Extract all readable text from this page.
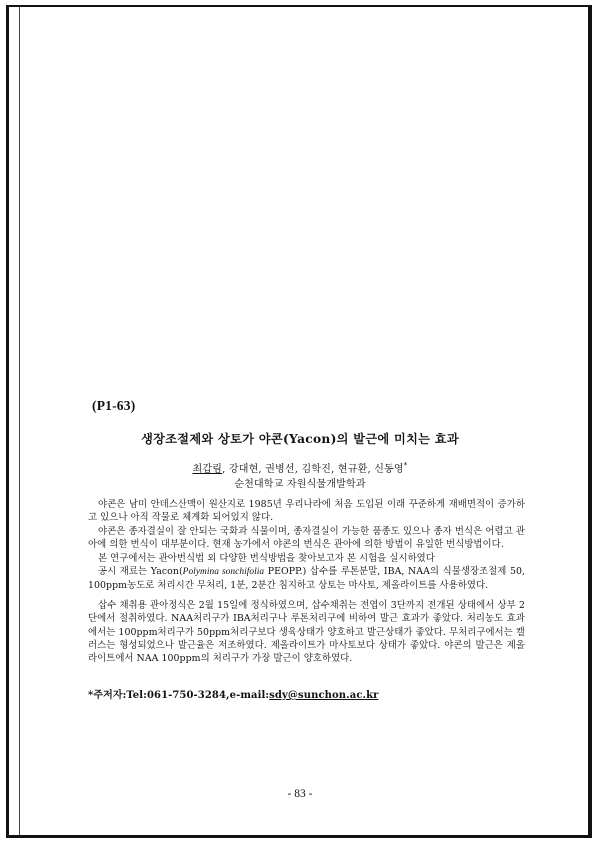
(P1-63)
생장조절제와 상토가 야콘(Yacon)의 발근에 미치는 효과
최갑림, 강대현, 권병선, 김학진, 현규환, 신동영*
순천대학교 자원식물개발학과

야콘은 남미 안데스산맥이 원산지로 1985년 우리나라에 처음 도입된 이래 꾸준하게 재배면적이 증가하고 있으나 아직 작물로 체계화 되어있지 않다.

야콘은 종자결실이 잘 안되는 국화과 식물이며, 종자결실이 가능한 품종도 있으나 종자 번식은 어렵고 관아에 의한 번식이 대부분이다. 현재 농가에서 야콘의 번식은 관아에 의한 방법이 유일한 번식방법이다.

본 연구에서는 관아번식법 외 다양한 번식방법을 찾아보고자 본 시험을 실시하였다

공시 재료는 Yacon(Polymina sonchifolia PEOPP.) 삽수를 루톤분말, IBA, NAA의 식물생장조절제 50, 100ppm농도로 처리시간 무처리, 1분, 2분간 침지하고 상토는 마사토, 제올라이트를 사용하였다.

삽수 채취용 관아정식은 2월 15일에 정식하였으며, 삽수채취는 전엽이 3단까지 전개된 상태에서 상부 2단에서 절취하였다. NAA처리구가 IBA처리구나 루톤처리구에 비하여 발근 효과가 좋았다. 처리농도 효과에서는 100ppm처리구가 50ppm처리구보다 생육상태가 양호하고 발근상태가 좋았다. 무처리구에서는 캘러스는 형성되었으나 발근율은 저조하였다. 제올라이트가 마사토보다 상태가 좋았다. 야콘의 발근은 제올라이트에서 NAA 100ppm의 처리구가 가장 발근이 양호하였다.

*주저자:Tel:061-750-3284,e-mail:sdy@sunchon.ac.kr
- 83 -
